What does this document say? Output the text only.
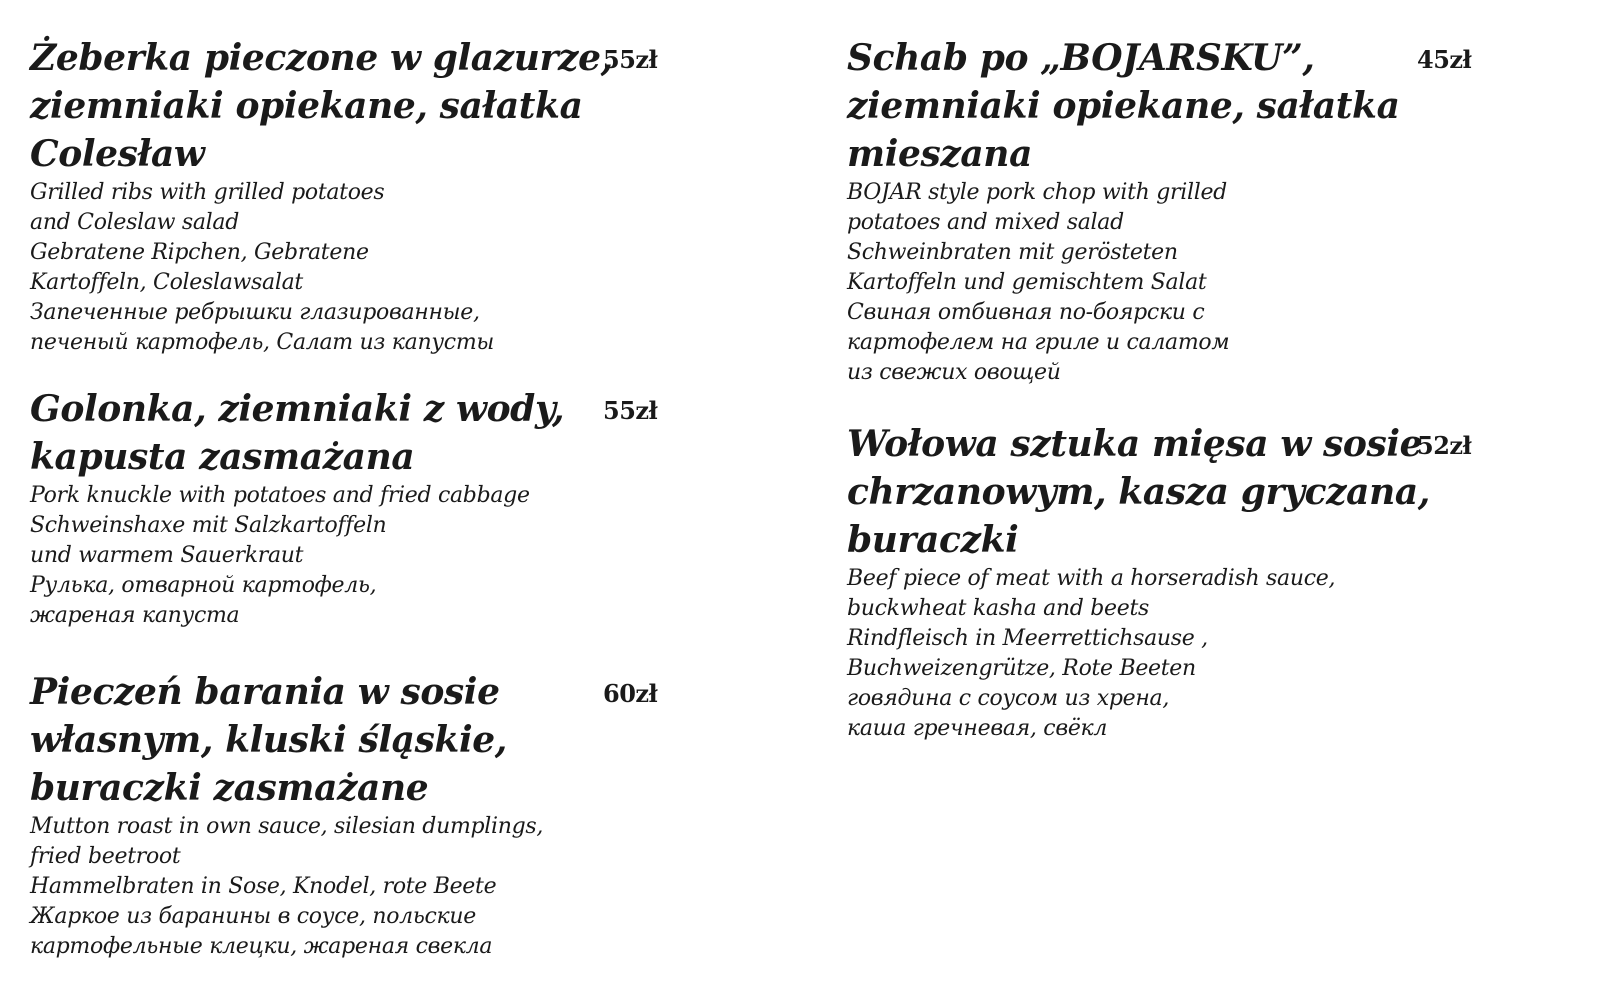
Żeberka pieczone w glazurze,
ziemniaki opiekane, sałatka
Colesław
55zł

Grilled ribs with grilled potatoes
and Coleslaw salad
Gebratene Ripchen, Gebratene
Kartoffeln, Coleslawsalat
Запеченные ребрышки глазированные,
печеный картофель, Салат из капусты

Golonka, ziemniaki z wody,
kapusta zasmażana
55zł

Pork knuckle with potatoes and fried cabbage
Schweinshaxe mit Salzkartoffeln
und warmem Sauerkraut
Рулька, отварной картофель,
жареная капуста

Pieczeń barania w sosie
własnym, kluski śląskie,
buraczki zasmażane
60zł

Mutton roast in own sauce, silesian dumplings,
fried beetroot
Hammelbraten in Sose, Knodel, rote Beete
Жаркое из баранины в соусе, польские
картофельные клецки, жареная свекла

Schab po „BOJARSKU”,
ziemniaki opiekane, sałatka
mieszana
45zł

BOJAR style pork chop with grilled
potatoes and mixed salad
Schweinbraten mit gerösteten
Kartoffeln und gemischtem Salat
Свиная отбивная по-боярски с
картофелем на гриле и салатом
из свежих овощей

Wołowa sztuka mięsa w sosie
chrzanowym, kasza gryczana,
buraczki
52zł

Beef piece of meat with a horseradish sauce,
buckwheat kasha and beets
Rindfleisch in Meerrettichsause ,
Buchweizengrütze, Rote Beeten
говядина с соусом из хрена,
каша гречневая, свёкл
